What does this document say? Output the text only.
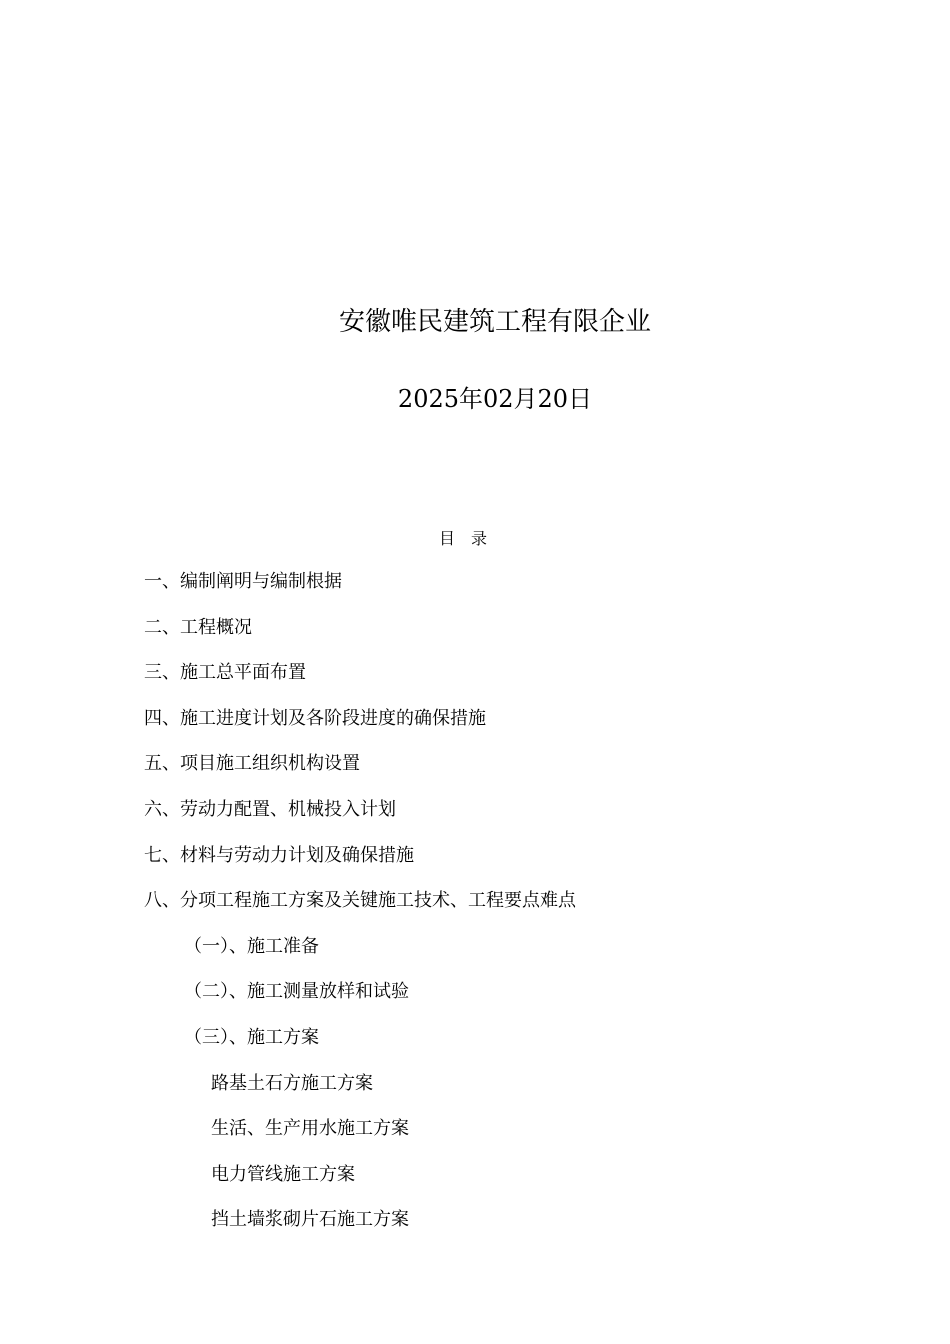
安徽唯民建筑工程有限企业
2025年02月20日
目录
一、编制阐明与编制根据
二、工程概况
三、施工总平面布置
四、施工进度计划及各阶段进度的确保措施
五、项目施工组织机构设置
六、劳动力配置、机械投入计划
七、材料与劳动力计划及确保措施
八、分项工程施工方案及关键施工技术、工程要点难点
（一）、施工准备
（二）、施工测量放样和试验
（三）、施工方案
路基土石方施工方案
生活、生产用水施工方案
电力管线施工方案
挡土墙浆砌片石施工方案
